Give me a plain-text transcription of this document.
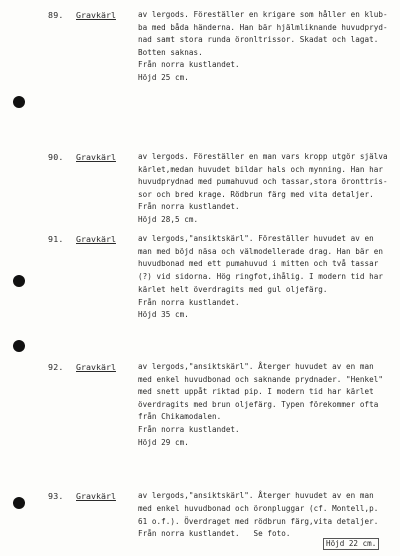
89. Gravkärl	av lergods. Föreställer en krigare som håller en klub-
ba med båda händerna. Han bär hjälmliknande huvudpryd-
nad samt stora runda öronltrissor. Skadat och lagat.
Botten saknas.
Från norra kustlandet.
Höjd 25 cm.
90. Gravkärl	av lergods. Föreställer en man vars kropp utgör själva
kärlet,medan huvudet bildar hals och mynning. Han har
huvudprydnad med pumahuvud och tassar,stora öronttris-
sor och bred krage. Rödbrun färg med vita detaljer.
Från norra kustlandet.
Höjd 28,5 cm.
91. Gravkärl	av lergods,"ansiktskärl". Föreställer huvudet av en
man med böjd näsa och välmodellerade drag. Han bär en
huvudbonad med ett pumahuvud i mitten och två tassar
(?) vid sidorna. Hög ringfot,ihålig. I modern tid har
kärlet helt överdragits med gul oljefärg.
Från norra kustlandet.
Höjd 35 cm.
92. Gravkärl	av lergods,"ansiktskärl". Återger huvudet av en man
med enkel huvudbonad och saknande prydnader. "Henkel"
med snett uppåt riktad pip. I modern tid har kärlet
överdragits med brun oljefärg. Typen förekommer ofta
från Chikamodalen.
Från norra kustlandet.
Höjd 29 cm.
93. Gravkärl	av lergods,"ansiktskärl". Återger huvudet av en man
med enkel huvudbonad och öronpluggar (cf. Montell,p.
61 o.f.). Överdraget med rödbrun färg,vita detaljer.
Från norra kustlandet.   Se foto.
Höjd 22 cm.
